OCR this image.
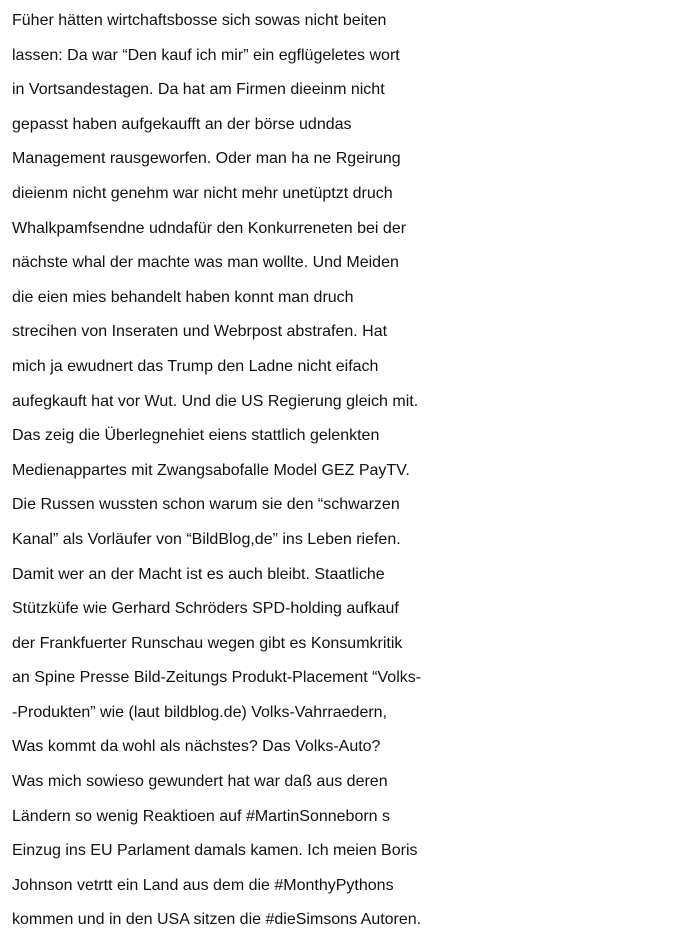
Füher hätten wirtchaftsbosse sich sowas nicht beiten
lassen: Da war “Den kauf ich mir” ein egflügeletes wort
in Vortsandestagen. Da hat am Firmen dieeinm nicht
gepasst haben aufgekaufft an der börse udndas
Management rausgeworfen. Oder man ha ne Rgeirung
dieienm nicht genehm war nicht mehr unetüptzt druch
Whalkpamfsendne udndafür den Konkurreneten bei der
nächste whal der machte was man wollte. Und Meiden
die eien mies behandelt haben konnt man druch
strecihen von Inseraten und Webrpost abstrafen. Hat
mich ja ewudnert das Trump den Ladne nicht eifach
aufegkauft hat vor Wut. Und die US Regierung gleich mit.
Das zeig die Überlegnehiet eiens stattlich gelenkten
Medienappartes mit Zwangsabofalle Model GEZ PayTV.
Die Russen wussten schon warum sie den “schwarzen
Kanal” als Vorläufer von “BildBlog,de” ins Leben riefen.
Damit wer an der Macht ist es auch bleibt. Staatliche
Stützküfe wie Gerhard Schröders SPD-holding aufkauf
der Frankfuerter Runschau wegen gibt es Konsumkritik
an Spine Presse Bild-Zeitungs Produkt-Placement “Volks-
-Produkten” wie (laut bildblog.de) Volks-Vahrraedern,
Was kommt da wohl als nächstes? Das Volks-Auto?
Was mich sowieso gewundert hat war daß aus deren
Ländern so wenig Reaktioen auf #MartinSonneborn s
Einzug ins EU Parlament damals kamen. Ich meien Boris
Johnson vetrtt ein Land aus dem die #MonthyPythons
kommen und in den USA sitzen die #dieSimsons Autoren.
